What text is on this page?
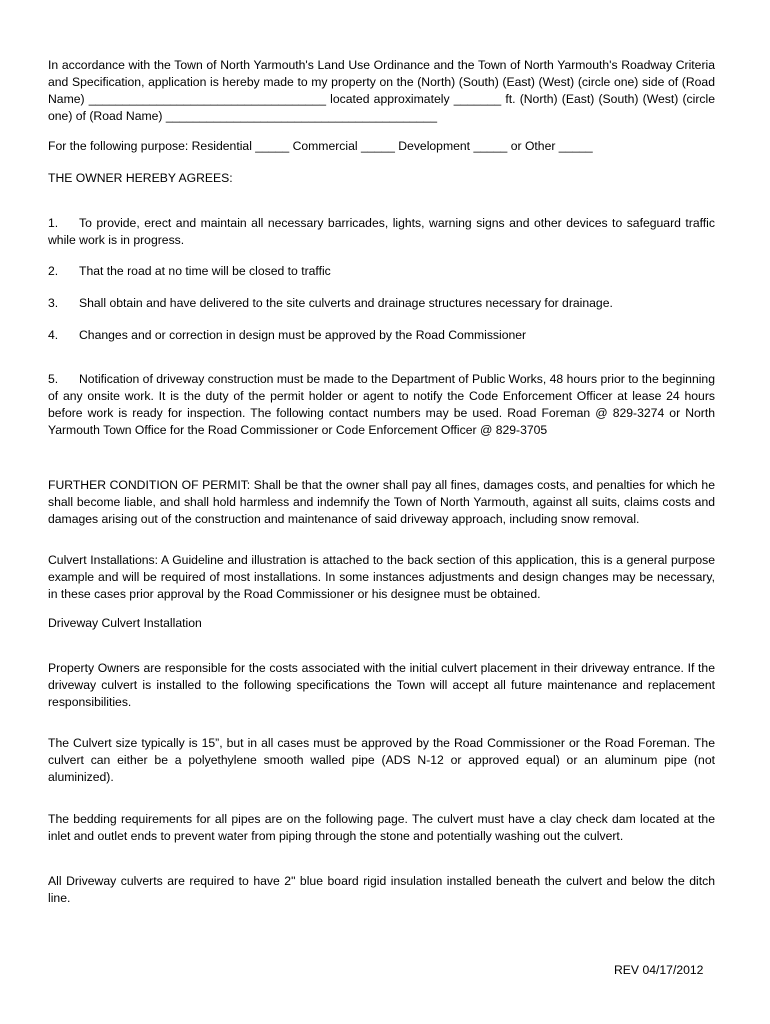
In accordance with the Town of North Yarmouth's Land Use Ordinance and the Town of North Yarmouth's Roadway Criteria and Specification, application is hereby made to my property on the (North) (South) (East) (West) (circle one) side of (Road Name) ___________________________________ located approximately _______ ft. (North) (East) (South) (West) (circle one) of (Road Name) ________________________________________
For the following purpose: Residential _____ Commercial _____ Development _____ or Other _____
THE OWNER HEREBY AGREES:
1. To provide, erect and maintain all necessary barricades, lights, warning signs and other devices to safeguard traffic while work is in progress.
2. That the road at no time will be closed to traffic
3. Shall obtain and have delivered to the site culverts and drainage structures necessary for drainage.
4. Changes and or correction in design must be approved by the Road Commissioner
5. Notification of driveway construction must be made to the Department of Public Works, 48 hours prior to the beginning of any onsite work. It is the duty of the permit holder or agent to notify the Code Enforcement Officer at lease 24 hours before work is ready for inspection. The following contact numbers may be used. Road Foreman @ 829-3274 or North Yarmouth Town Office for the Road Commissioner or Code Enforcement Officer @ 829-3705
FURTHER CONDITION OF PERMIT: Shall be that the owner shall pay all fines, damages costs, and penalties for which he shall become liable, and shall hold harmless and indemnify the Town of North Yarmouth, against all suits, claims costs and damages arising out of the construction and maintenance of said driveway approach, including snow removal.
Culvert Installations: A Guideline and illustration is attached to the back section of this application, this is a general purpose example and will be required of most installations. In some instances adjustments and design changes may be necessary, in these cases prior approval by the Road Commissioner or his designee must be obtained.
Driveway Culvert Installation
Property Owners are responsible for the costs associated with the initial culvert placement in their driveway entrance. If the driveway culvert is installed to the following specifications the Town will accept all future maintenance and replacement responsibilities.
The Culvert size typically is 15”, but in all cases must be approved by the Road Commissioner or the Road Foreman. The culvert can either be a polyethylene smooth walled pipe (ADS N-12 or approved equal) or an aluminum pipe (not aluminized).
The bedding requirements for all pipes are on the following page. The culvert must have a clay check dam located at the inlet and outlet ends to prevent water from piping through the stone and potentially washing out the culvert.
All Driveway culverts are required to have 2" blue board rigid insulation installed beneath the culvert and below the ditch line.
REV 04/17/2012
